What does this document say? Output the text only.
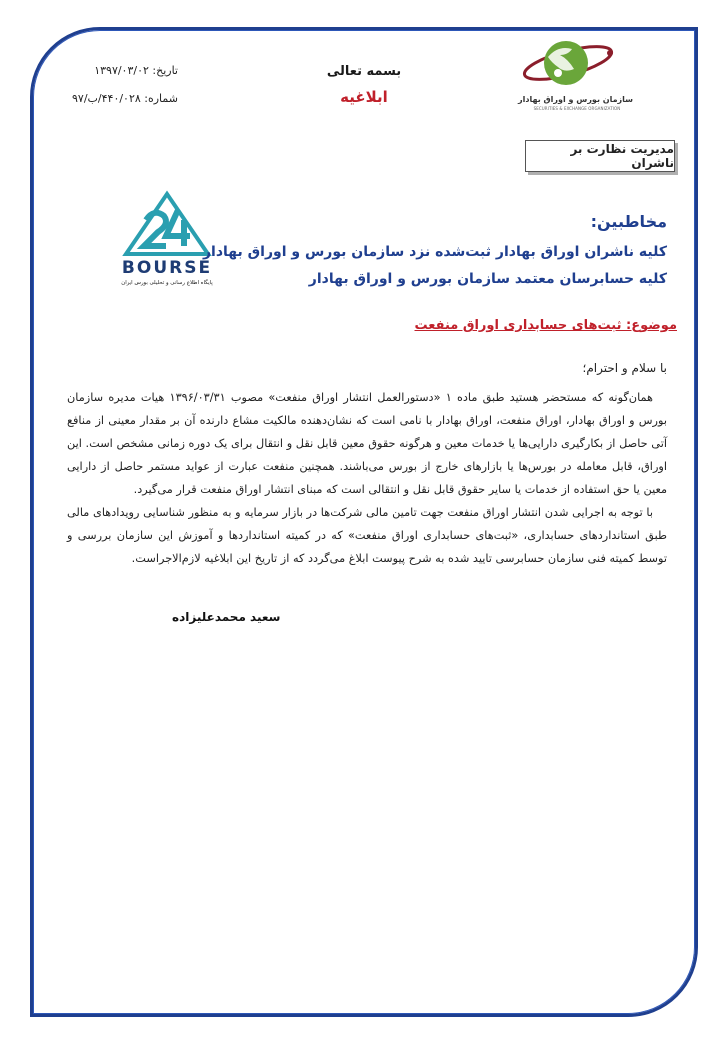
سازمان بورس و اوراق بهادار
SECURITIES & EXCHANGE ORGANIZATION
بسمه تعالی
ابلاغیه
تاریخ: ۱۳۹۷/۰۳/۰۲
شماره: ۴۴۰/۰۲۸/ب/۹۷
مدیریت نظارت بر ناشران
BOURSE
پایگاه اطلاع رسانی و تحلیلی بورس ایران
مخاطبین:
کلیه ناشران اوراق بهادار ثبت‌شده نزد سازمان بورس و اوراق بهادار
کلیه حسابرسان معتمد سازمان بورس و اوراق بهادار
موضوع: ثبت‌های حسابداری اوراق منفعت
با سلام و احترام؛

همان‌گونه که مستحضر هستید طبق ماده ۱ «دستورالعمل انتشار اوراق منفعت» مصوب ۱۳۹۶/۰۳/۳۱ هیات مدیره سازمان بورس و اوراق بهادار، اوراق منفعت، اوراق بهادار با نامی است که نشان‌دهنده مالکیت مشاع دارنده آن بر مقدار معینی از منافع آتی حاصل از بکارگیری دارایی‌ها یا خدمات معین و هرگونه حقوق معین قابل نقل و انتقال برای یک دوره زمانی مشخص است. این اوراق، قابل معامله در بورس‌ها یا بازارهای خارج از بورس می‌باشند. همچنین منفعت عبارت از عواید مستمر حاصل از دارایی معین یا حق استفاده از خدمات یا سایر حقوق قابل نقل و انتقالی است که مبنای انتشار اوراق منفعت قرار می‌گیرد.

با توجه به اجرایی شدن انتشار اوراق منفعت جهت تامین مالی شرکت‌ها در بازار سرمایه و به منظور شناسایی رویدادهای مالی طبق استانداردهای حسابداری، «ثبت‌های حسابداری اوراق منفعت» که در کمیته استانداردها و آموزش این سازمان بررسی و توسط کمیته فنی سازمان حسابرسی تایید شده به شرح پیوست ابلاغ می‌گردد که از تاریخ این ابلاغیه لازم‌الاجراست.

سعید محمدعلیزاده
